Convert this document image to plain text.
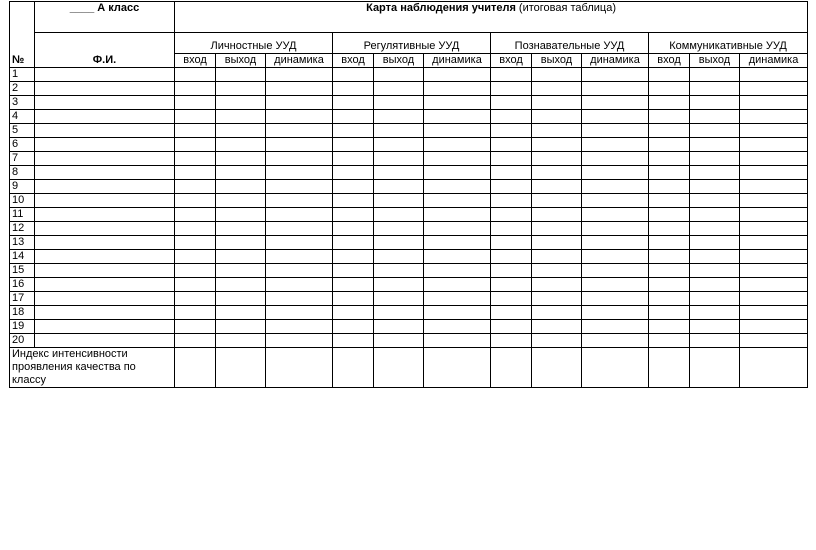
№	____ А класс	Карта наблюдения учителя (итоговая таблица)											
	Ф.И.	Личностные УУД			Регулятивные УУД			Познавательные УУД			Коммуникативные УУД		
		вход	выход	динамика	вход	выход	динамика	вход	выход	динамика	вход	выход	динамика
1													
2													
3													
4													
5													
6													
7													
8													
9													
10													
11													
12													
13													
14													
15													
16													
17													
18													
19													
20													
Индекс интенсивности проявления качества по классу													
